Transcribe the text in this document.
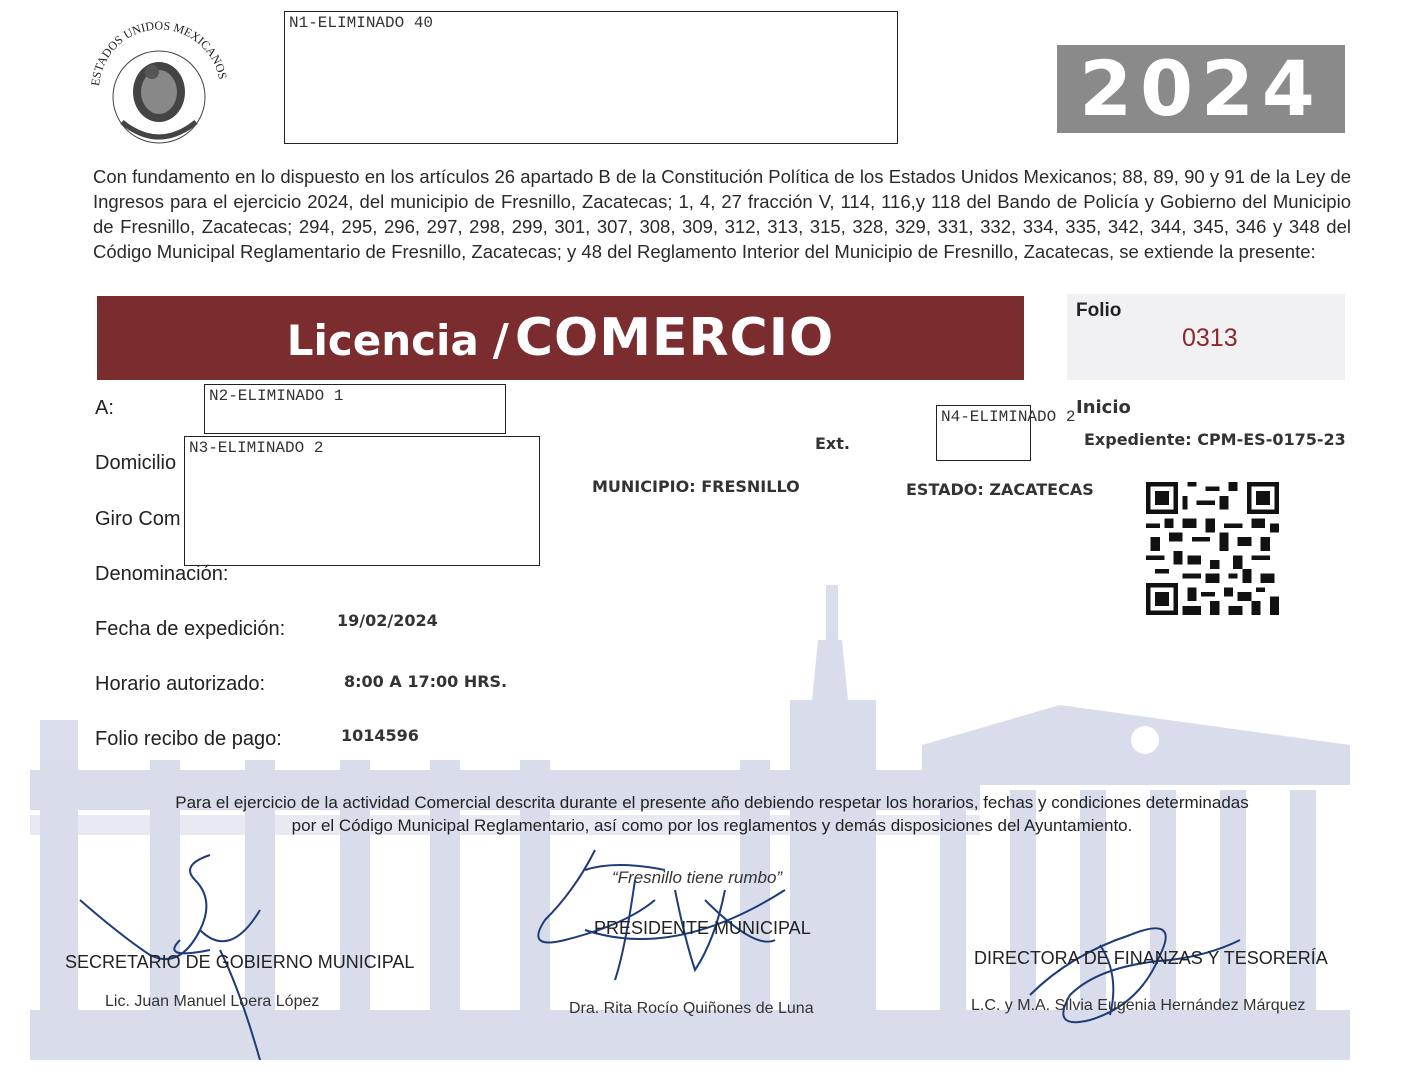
ESTADOS UNIDOS MEXICANOS
N1-ELIMINADO 40
2024
Con fundamento en lo dispuesto en los artículos 26 apartado B de la Constitución Política de los Estados Unidos Mexicanos; 88, 89, 90 y 91 de la Ley de Ingresos para el ejercicio 2024, del municipio de Fresnillo, Zacatecas; 1, 4, 27 fracción V, 114, 116,y 118 del Bando de Policía y Gobierno del Municipio de Fresnillo, Zacatecas; 294, 295, 296, 297, 298, 299, 301, 307, 308, 309, 312, 313, 315, 328, 329, 331, 332, 334, 335, 342, 344, 345, 346 y 348 del Código Municipal Reglamentario de Fresnillo, Zacatecas; y 48 del Reglamento Interior del Municipio de Fresnillo, Zacatecas, se extiende la presente:
Licencia / COMERCIO	Folio
0313
A:
N2-ELIMINADO 1
Inicio
N4-ELIMINADO 2
Expediente: CPM-ES-0175-23
Ext.
Domicilio
Giro Com
N3-ELIMINADO 2
MUNICIPIO: FRESNILLO	ESTADO: ZACATECAS
Denominación:
Fecha de expedición:	19/02/2024
Horario autorizado:	8:00 A 17:00 HRS.
Folio recibo de pago:	1014596
Para el ejercicio de la actividad Comercial descrita durante el presente año debiendo respetar los horarios, fechas y condiciones determinadas
por el Código Municipal Reglamentario, así como por los reglamentos y demás disposiciones del Ayuntamiento.
“Fresnillo tiene rumbo”
SECRETARIO DE GOBIERNO MUNICIPAL
Lic. Juan Manuel Loera López
PRESIDENTE MUNICIPAL
Dra. Rita Rocío Quiñones de Luna
DIRECTORA DE FINANZAS Y TESORERÍA
L.C. y M.A. Silvia Eugenia Hernández Márquez
